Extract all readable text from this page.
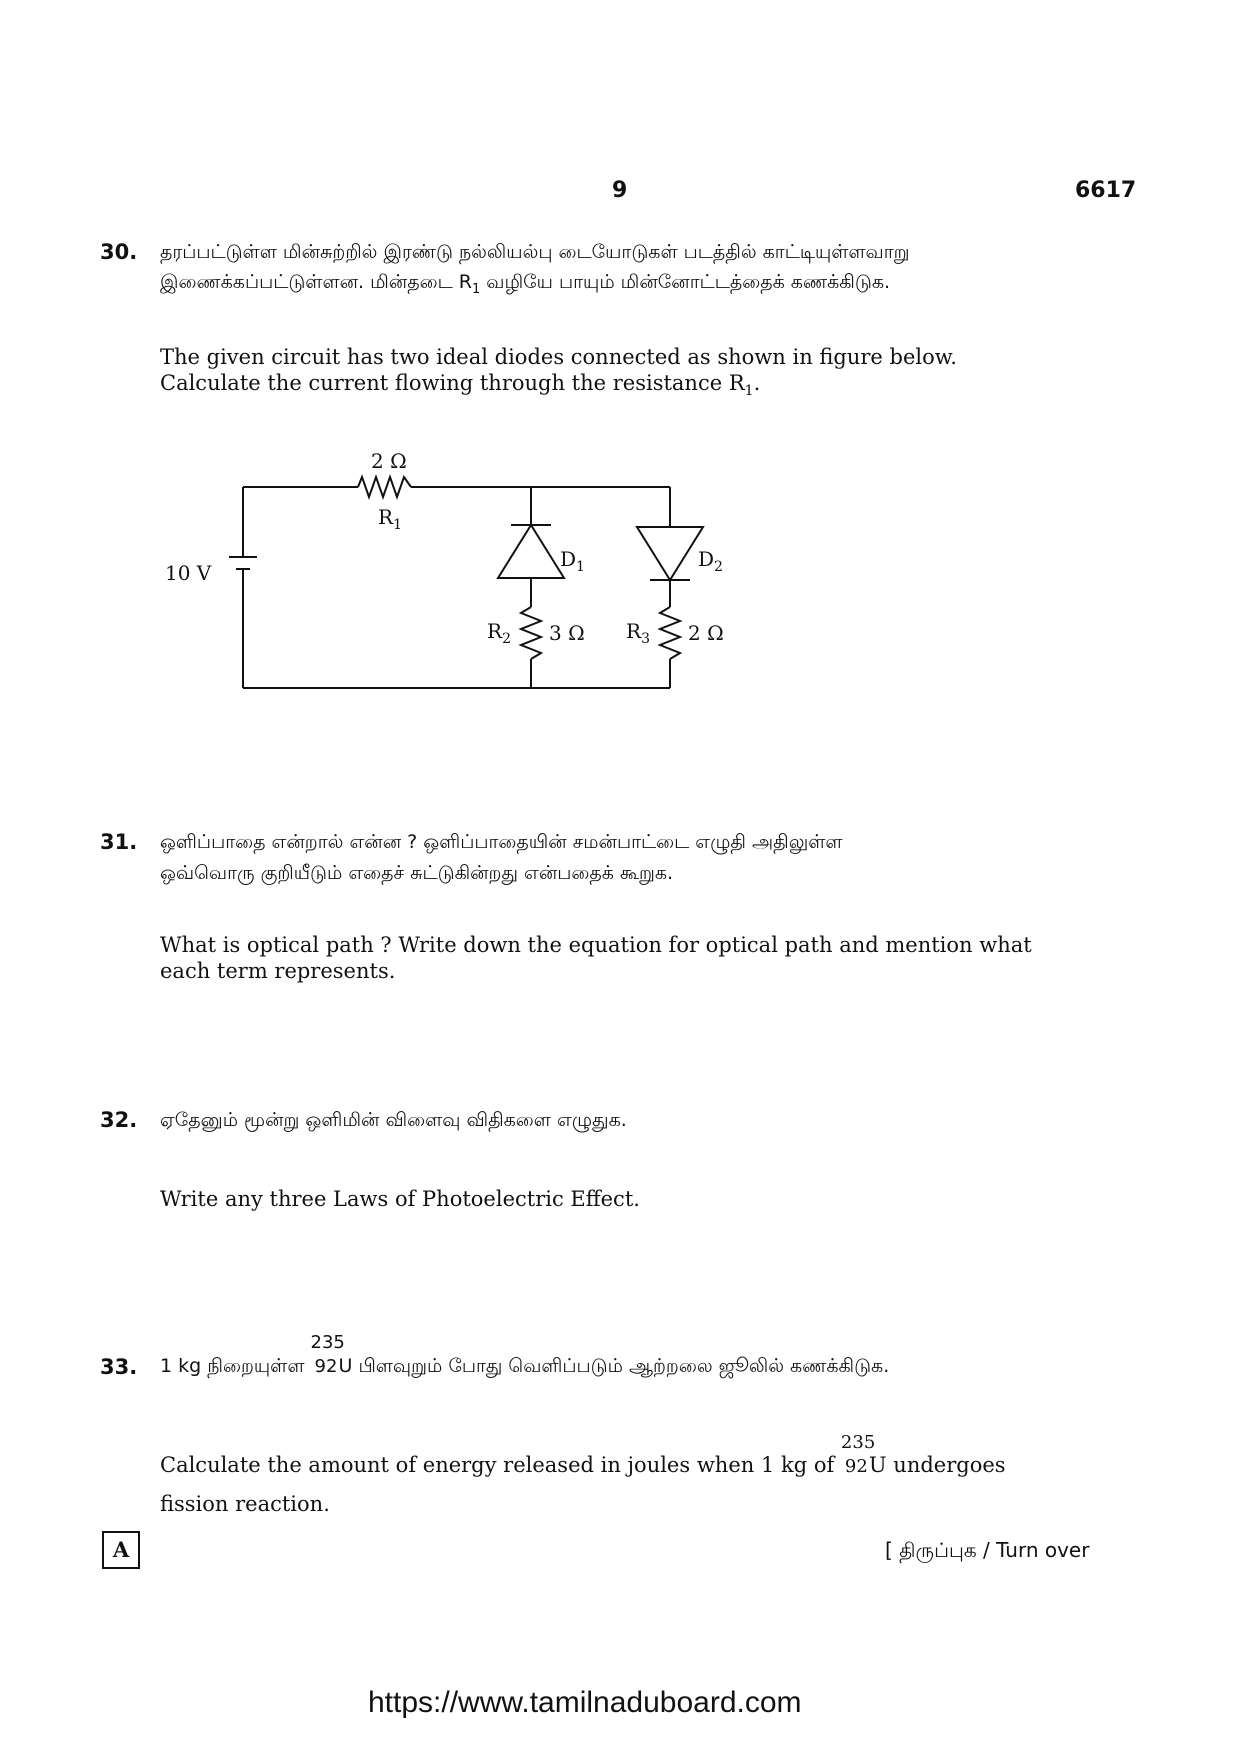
9	6617
30. தரப்பட்டுள்ள மின்சுற்றில் இரண்டு நல்லியல்பு டையோடுகள் படத்தில் காட்டியுள்ளவாறு
இணைக்கப்பட்டுள்ளன. மின்தடை $R_1$ வழியே பாயும் மின்னோட்டத்தைக் கணக்கிடுக.
The given circuit has two ideal diodes connected as shown in figure below.
Calculate the current flowing through the resistance $R_1$.
10 V
2 Ω
$R_1$
$D_1$	$D_2$
$R_2$ 3 Ω $R_3$ 2 Ω
31. ஒளிப்பாதை என்றால் என்ன ? ஒளிப்பாதையின் சமன்பாட்டை எழுதி அதிலுள்ள
ஒவ்வொரு குறியீடும் எதைச் சுட்டுகின்றது என்பதைக் கூறுக.
What is optical path ? Write down the equation for optical path and mention what
each term represents.
32. ஏதேனும் மூன்று ஒளிமின் விளைவு விதிகளை எழுதுக.
Write any three Laws of Photoelectric Effect.
33. 1 kg நிறையுள்ள
235
92 U பிளவுறும் போது வெளிப்படும் ஆற்றலை ஜூலில் கணக்கிடுக.
Calculate the amount of energy released in joules when 1 kg of
235
92 U undergoes
fission reaction.
A	[ திருப்புக / Turn over
https://www.tamilnaduboard.com
